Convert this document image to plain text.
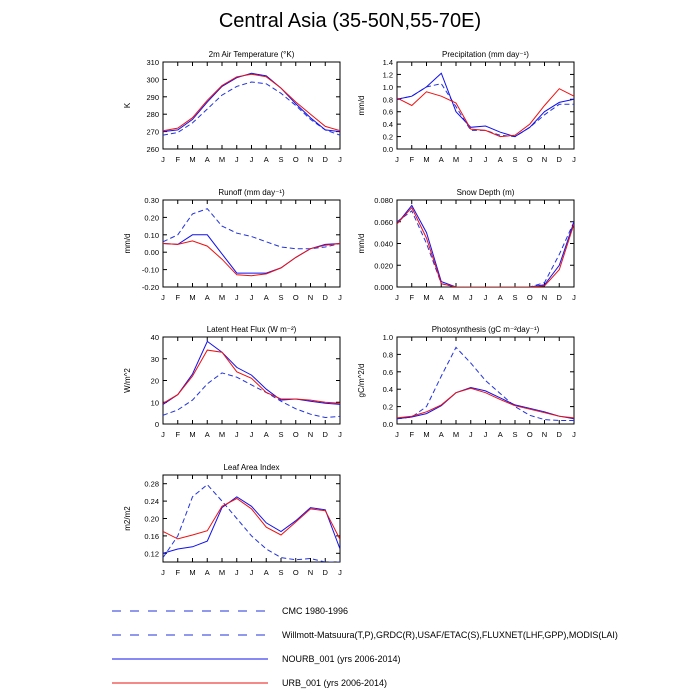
Central Asia (35-50N,55-70E)
2m Air Temperature (°K)
K
260
270
280
290
300
310
J F M A M J J A S O N D J
Precipitation (mm day⁻¹)
mm/d
0.0
0.2
0.4
0.6
0.8
1.0
1.2
1.4
J F M A M J J A S O N D J
Runoff (mm day⁻¹)
mm/d
-0.20
-0.10
0.00
0.10
0.20
0.30
J F M A M J J A S O N D J
Snow Depth (m)
mm/d
0.000
0.020
0.040
0.060
0.080
J F M A M J J A S O N D J
Latent Heat Flux (W m⁻²)
W/m^2
0
10
20
30
40
J F M A M J J A S O N D J
Photosynthesis (gC m⁻²day⁻¹)
gC/m^2/d
0.0
0.2
0.4
0.6
0.8
1.0
J F M A M J J A S O N D J
Leaf Area Index
m2/m2
0.12
0.16
0.20
0.24
0.28
J F M A M J J A S O N D J
CMC 1980-1996
Willmott-Matsuura(T,P),GRDC(R),USAF/ETAC(S),FLUXNET(LHF,GPP),MODIS(LAI)
NOURB_001 (yrs 2006-2014)
URB_001 (yrs 2006-2014)
